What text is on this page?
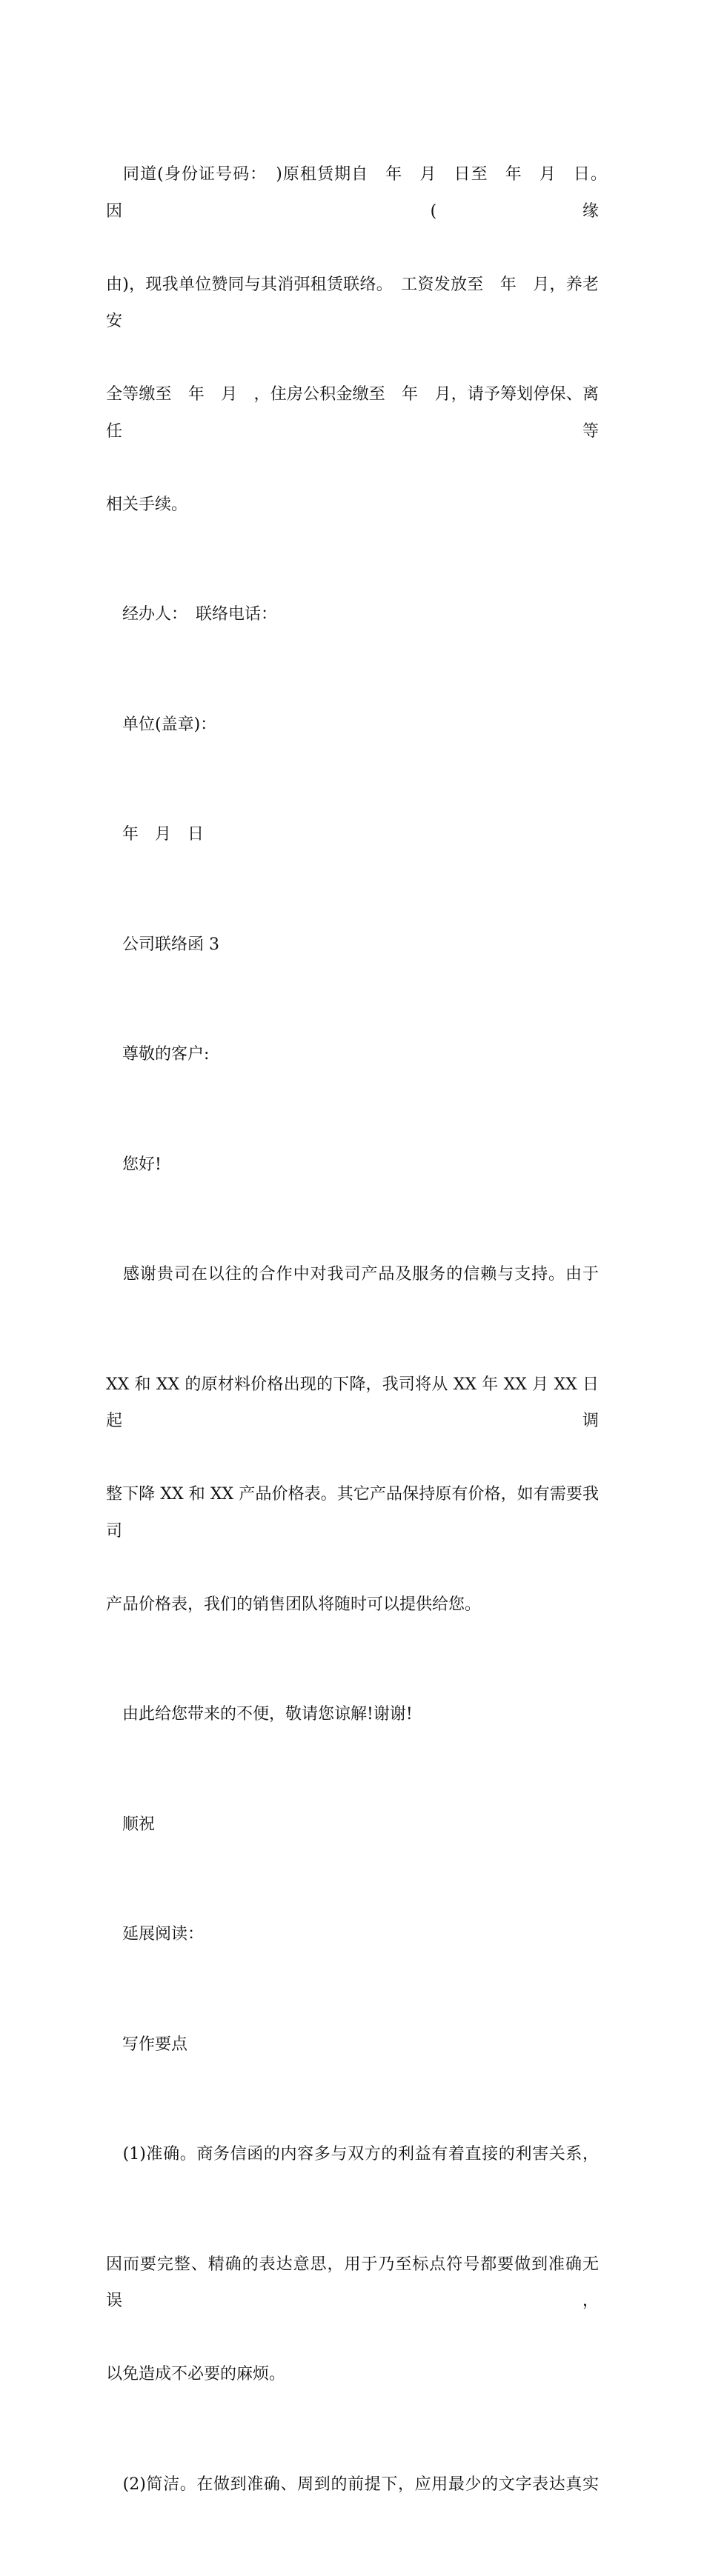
　同道(身份证号码：　)原租赁期自　年　月　日至　年　月　日。　因　(缘

由)，现我单位赞同与其消弭租赁联络。　工资发放至　年　月，养老安

全等缴至　年　月　，住房公积金缴至　年　月，请予筹划停保、离任等

相关手续。

　经办人：　联络电话：

　单位(盖章)：

　年　月　日

　公司联络函 3

　尊敬的客户:

　您好!

　感谢贵司在以往的合作中对我司产品及服务的信赖与支持。由于

XX 和 XX 的原材料价格出现的下降，我司将从 XX 年 XX 月 XX 日起调

整下降 XX 和 XX 产品价格表。其它产品保持原有价格，如有需要我司

产品价格表，我们的销售团队将随时可以提供给您。

　由此给您带来的不便，敬请您谅解!谢谢!

　顺祝

　延展阅读：

　写作要点

　(1)准确。商务信函的内容多与双方的利益有着直接的利害关系，

因而要完整、精确的表达意思，用于乃至标点符号都要做到准确无误，

以免造成不必要的麻烦。

　(2)简洁。在做到准确、周到的前提下，应用最少的文字表达真实
